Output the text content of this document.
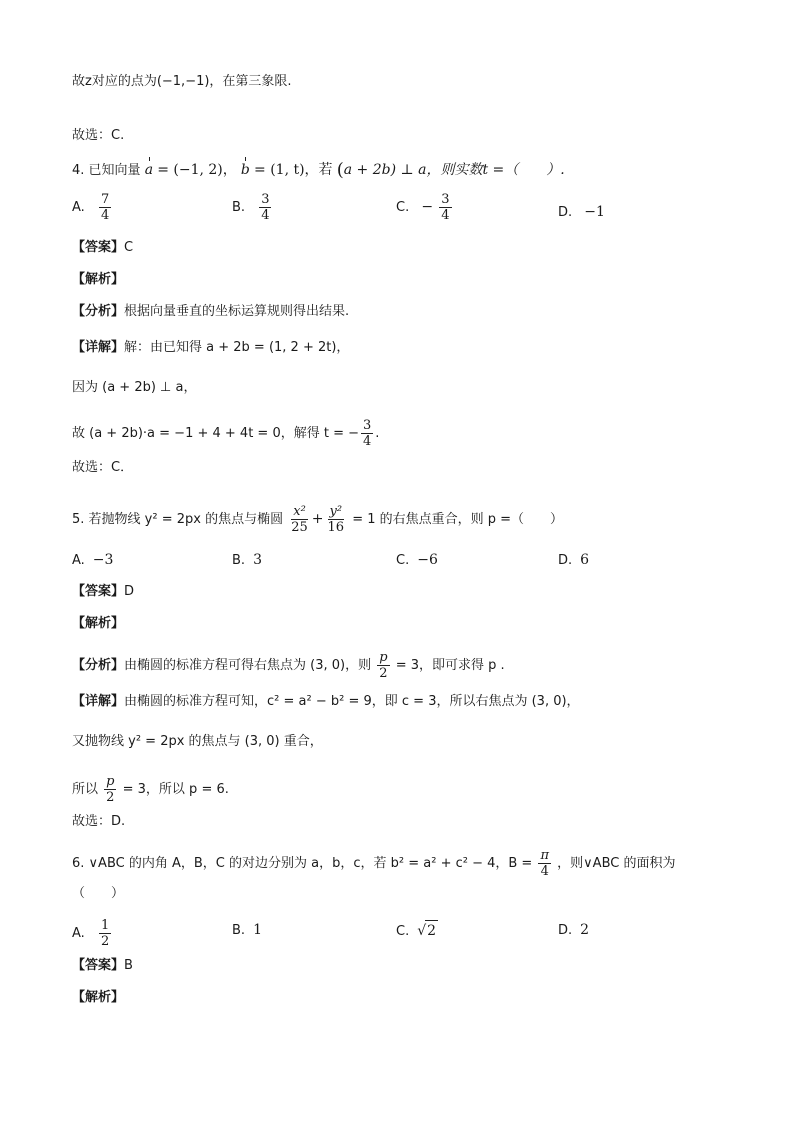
故z对应的点为(−1,−1)，在第三象限.
故选：C.
4. 已知向量 a = (−1, 2)， b = (1, t)，若 (a + 2b) ⊥ a，则实数t =（　　）.
A. $\frac{7}{4}$	B. $\frac{3}{4}$	C. − $\frac{3}{4}$	D. −1
【答案】C
【解析】
【分析】根据向量垂直的坐标运算规则得出结果.
【详解】解：由已知得 a + 2b = (1, 2 + 2t)，
因为 (a + 2b) ⊥ a，
故 (a + 2b)·a = −1 + 4 + 4t = 0，解得 t = − $\frac{3}{4}$ .
故选：C．
5. 若抛物线 y² = 2px 的焦点与椭圆 $\frac{\text{x²}}{25} + \frac{\text{y²}}{16} = 1$ 的右焦点重合，则 p =（　　）
A. −3	B. 3	C. −6	D. 6
【答案】D
【解析】
【分析】由椭圆的标准方程可得右焦点为 (3, 0)，则 $\frac{p}{2} = 3$，即可求得 p .
【详解】由椭圆的标准方程可知，c² = a² − b² = 9，即 c = 3，所以右焦点为 (3, 0)，
又抛物线 y² = 2px 的焦点与 (3, 0) 重合，
所以 $\frac{p}{2} = 3$，所以 p = 6.
故选：D.
6. ∨ABC 的内角 A，B，C 的对边分别为 a，b，c，若 b² = a² + c² − 4，$B = \frac{\pi}{4}$ ，则∨ABC 的面积为
（　　）
A. $\frac{1}{2}$	B. 1	C. √2	D. 2
【答案】B
【解析】
